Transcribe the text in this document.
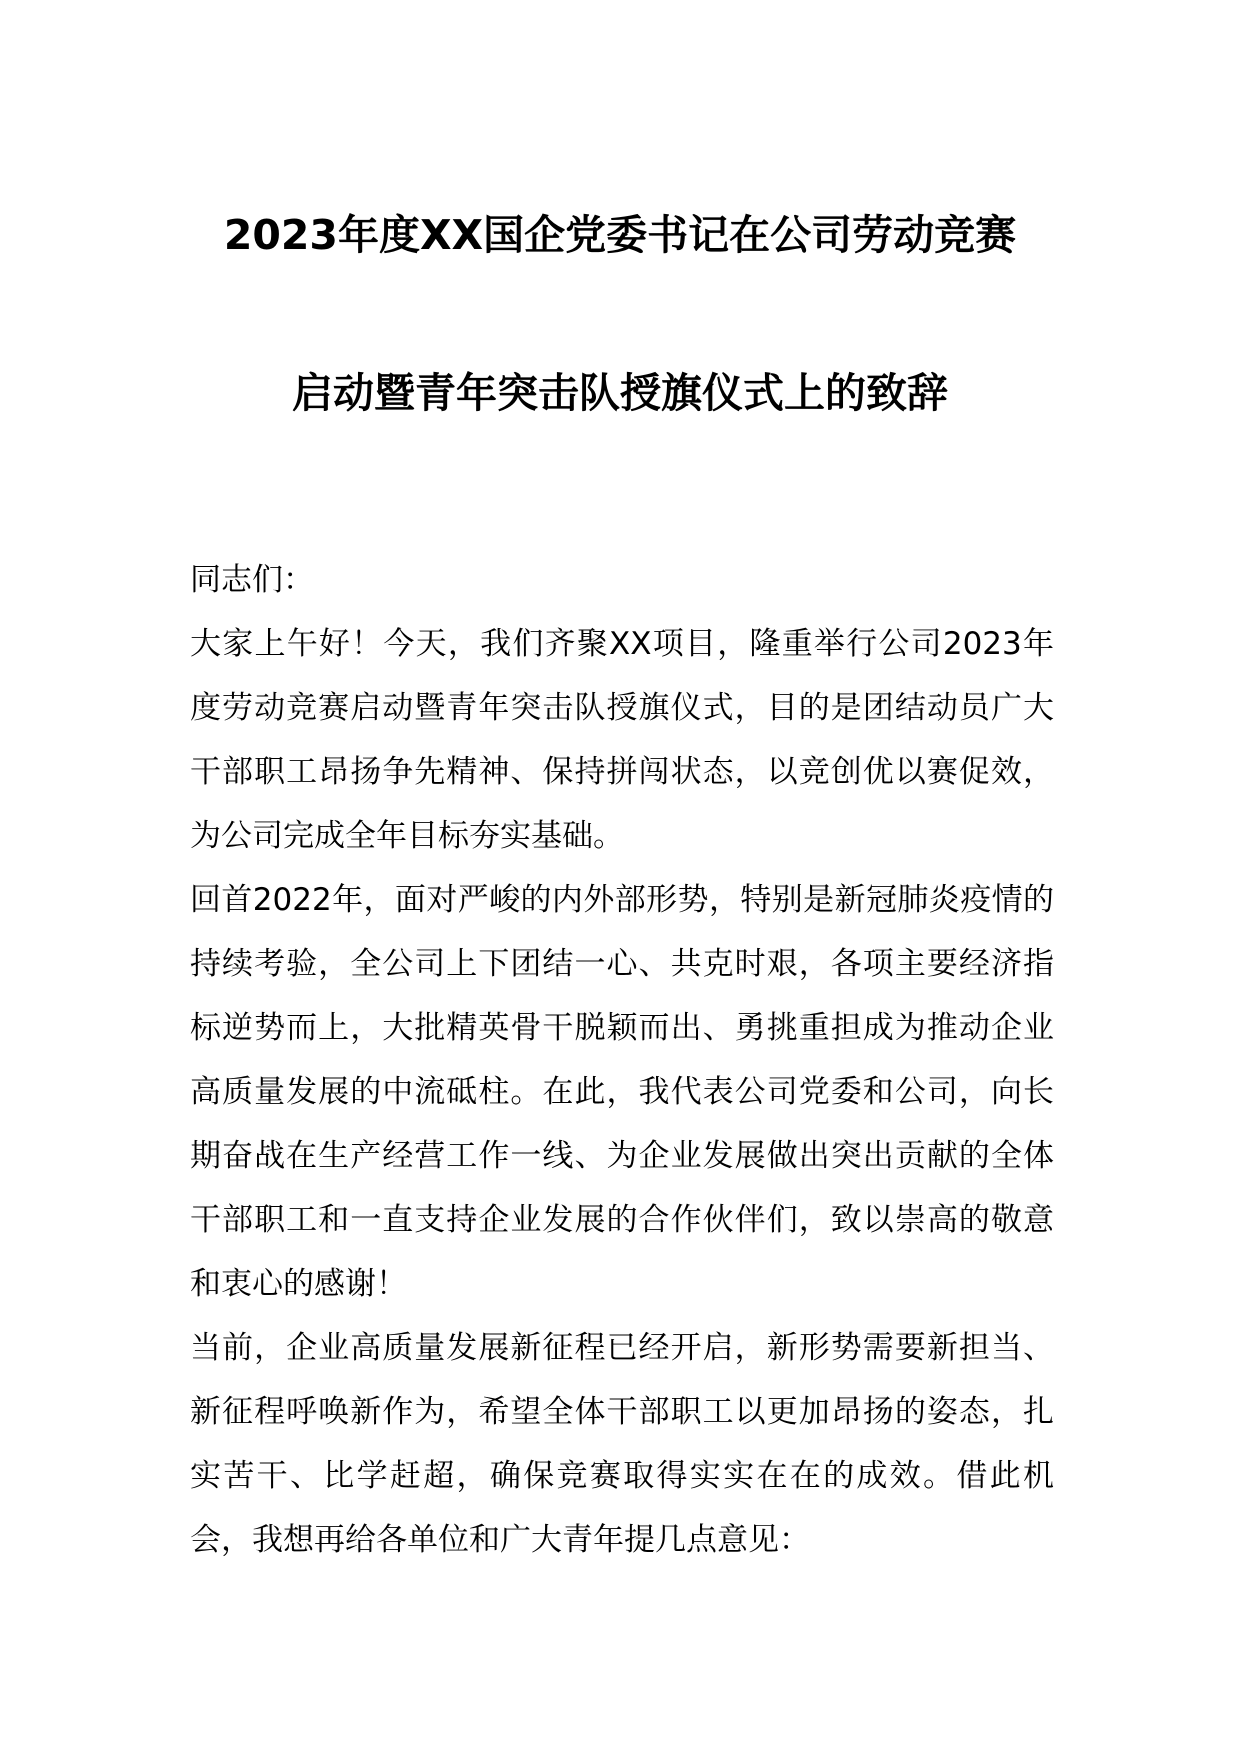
2023年度XX国企党委书记在公司劳动竞赛
启动暨青年突击队授旗仪式上的致辞

同志们：

大家上午好！今天，我们齐聚XX项目，隆重举行公司2023年度劳动竞赛启动暨青年突击队授旗仪式，目的是团结动员广大干部职工昂扬争先精神、保持拼闯状态，以竞创优以赛促效，为公司完成全年目标夯实基础。

回首2022年，面对严峻的内外部形势，特别是新冠肺炎疫情的持续考验，全公司上下团结一心、共克时艰，各项主要经济指标逆势而上，大批精英骨干脱颖而出、勇挑重担成为推动企业高质量发展的中流砥柱。在此，我代表公司党委和公司，向长期奋战在生产经营工作一线、为企业发展做出突出贡献的全体干部职工和一直支持企业发展的合作伙伴们，致以崇高的敬意和衷心的感谢！

当前，企业高质量发展新征程已经开启，新形势需要新担当、新征程呼唤新作为，希望全体干部职工以更加昂扬的姿态，扎实苦干、比学赶超，确保竞赛取得实实在在的成效。借此机会，我想再给各单位和广大青年提几点意见：
